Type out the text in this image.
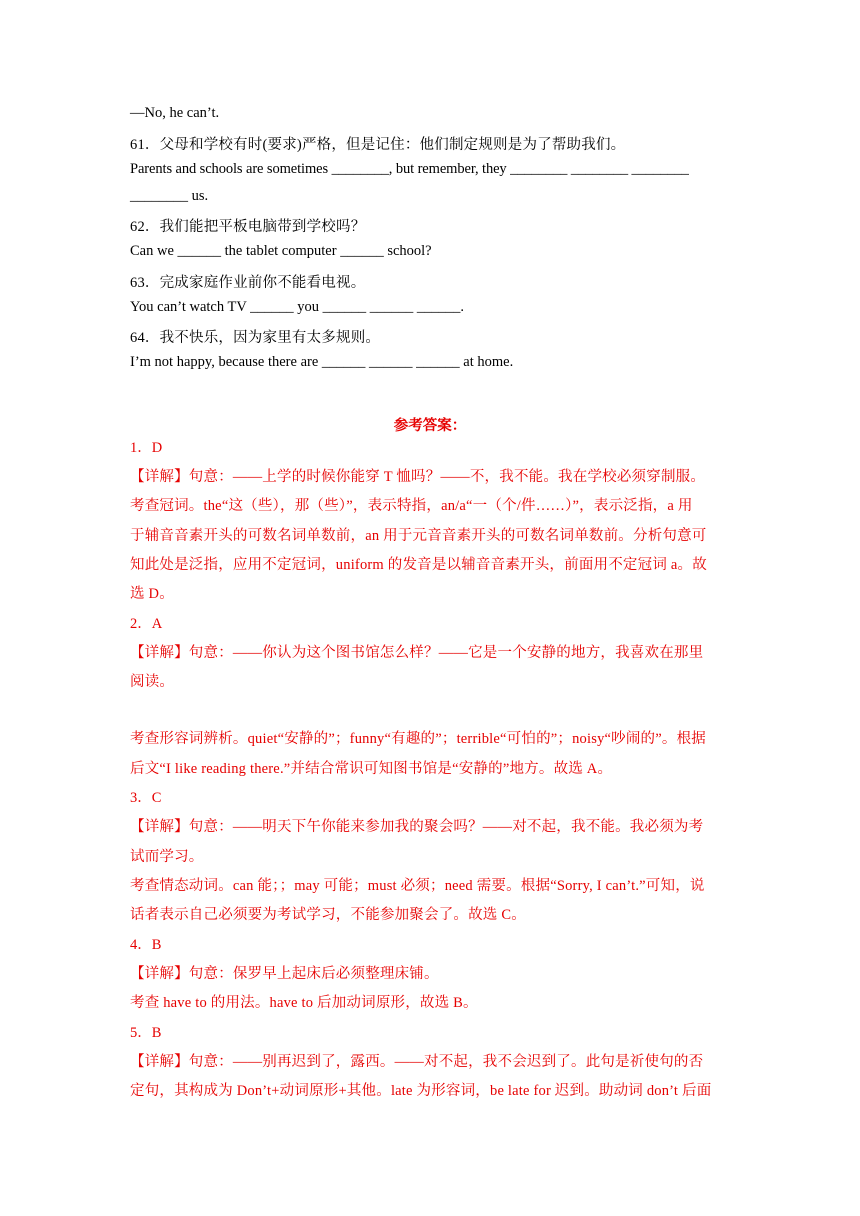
—No, he can’t.
61．父母和学校有时(要求)严格，但是记住：他们制定规则是为了帮助我们。
Parents and schools are sometimes ________, but remember, they ________ ________ ________
________ us.
62．我们能把平板电脑带到学校吗？
Can we ______ the tablet computer ______ school?
63．完成家庭作业前你不能看电视。
You can’t watch TV ______ you ______ ______ ______.
64．我不快乐，因为家里有太多规则。
I’m not happy, because there are ______ ______ ______ at home.
参考答案：
1．D
【详解】句意：——上学的时候你能穿 T 恤吗？——不，我不能。我在学校必须穿制服。
考查冠词。the“这（些），那（些）”，表示特指，an/a“一（个/件……）”，表示泛指，a 用
于辅音音素开头的可数名词单数前，an 用于元音音素开头的可数名词单数前。分析句意可
知此处是泛指，应用不定冠词，uniform 的发音是以辅音音素开头，前面用不定冠词 a。故
选 D。
2．A
【详解】句意：——你认为这个图书馆怎么样？——它是一个安静的地方，我喜欢在那里
阅读。
考查形容词辨析。quiet“安静的”；funny“有趣的”；terrible“可怕的”；noisy“吵闹的”。根据
后文“I like reading there.”并结合常识可知图书馆是“安静的”地方。故选 A。
3．C
【详解】句意：——明天下午你能来参加我的聚会吗？——对不起，我不能。我必须为考
试而学习。
考查情态动词。can 能；；may 可能；must 必须；need 需要。根据“Sorry, I can’t.”可知，说
话者表示自己必须要为考试学习，不能参加聚会了。故选 C。
4．B
【详解】句意：保罗早上起床后必须整理床铺。
考查 have to 的用法。have to 后加动词原形，故选 B。
5．B
【详解】句意：——别再迟到了，露西。——对不起，我不会迟到了。此句是祈使句的否
定句，其构成为 Don’t+动词原形+其他。late 为形容词，be late for 迟到。助动词 don’t 后面
